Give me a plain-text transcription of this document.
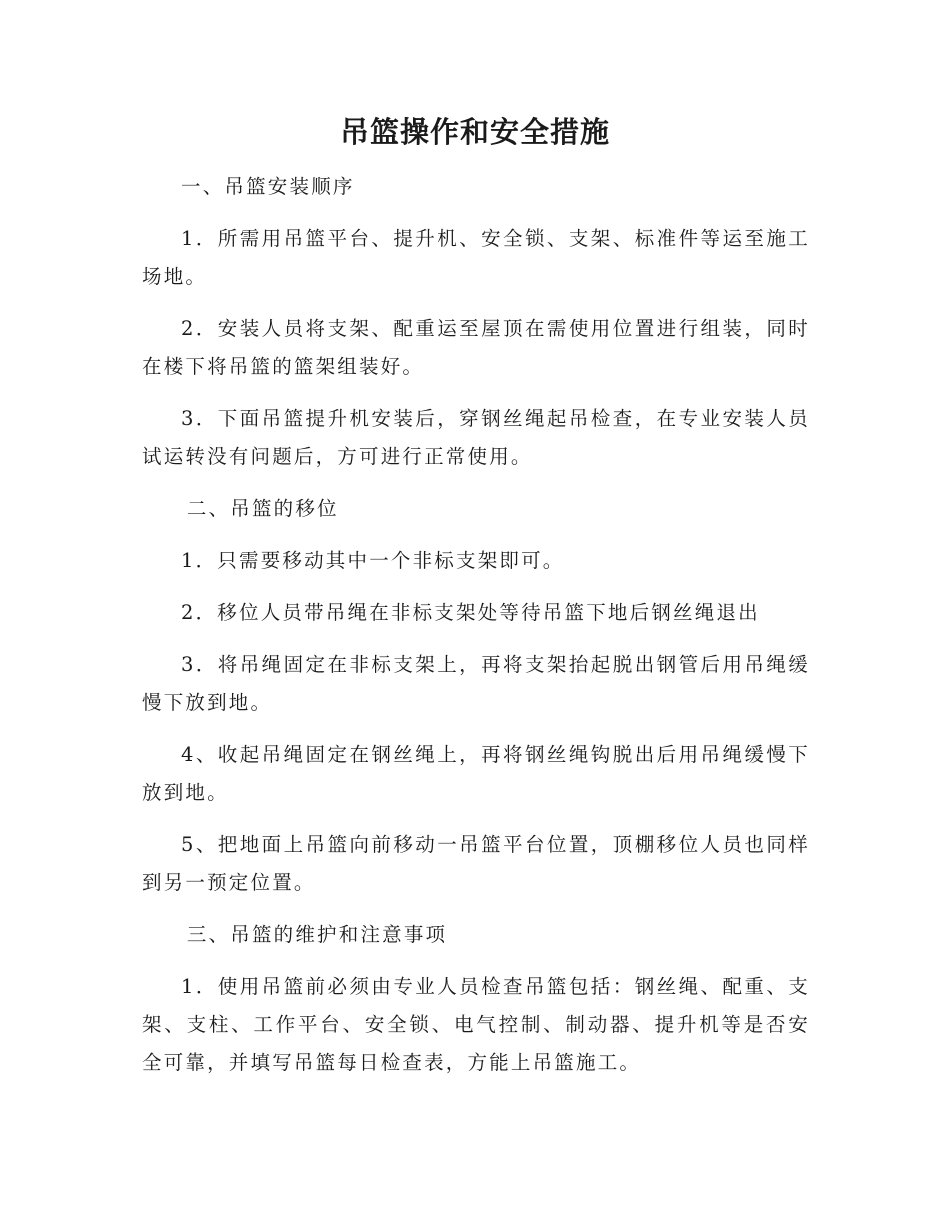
吊篮操作和安全措施

一、吊篮安装顺序

1．所需用吊篮平台、提升机、安全锁、支架、标准件等运至施工场地。

2．安装人员将支架、配重运至屋顶在需使用位置进行组装，同时在楼下将吊篮的篮架组装好。

3．下面吊篮提升机安装后，穿钢丝绳起吊检查，在专业安装人员试运转没有问题后，方可进行正常使用。

二、吊篮的移位

1．只需要移动其中一个非标支架即可。

2．移位人员带吊绳在非标支架处等待吊篮下地后钢丝绳退出

3．将吊绳固定在非标支架上，再将支架抬起脱出钢管后用吊绳缓慢下放到地。

4、收起吊绳固定在钢丝绳上，再将钢丝绳钩脱出后用吊绳缓慢下放到地。

5、把地面上吊篮向前移动一吊篮平台位置，顶棚移位人员也同样到另一预定位置。

三、吊篮的维护和注意事项

1．使用吊篮前必须由专业人员检查吊篮包括：钢丝绳、配重、支架、支柱、工作平台、安全锁、电气控制、制动器、提升机等是否安全可靠，并填写吊篮每日检查表，方能上吊篮施工。
